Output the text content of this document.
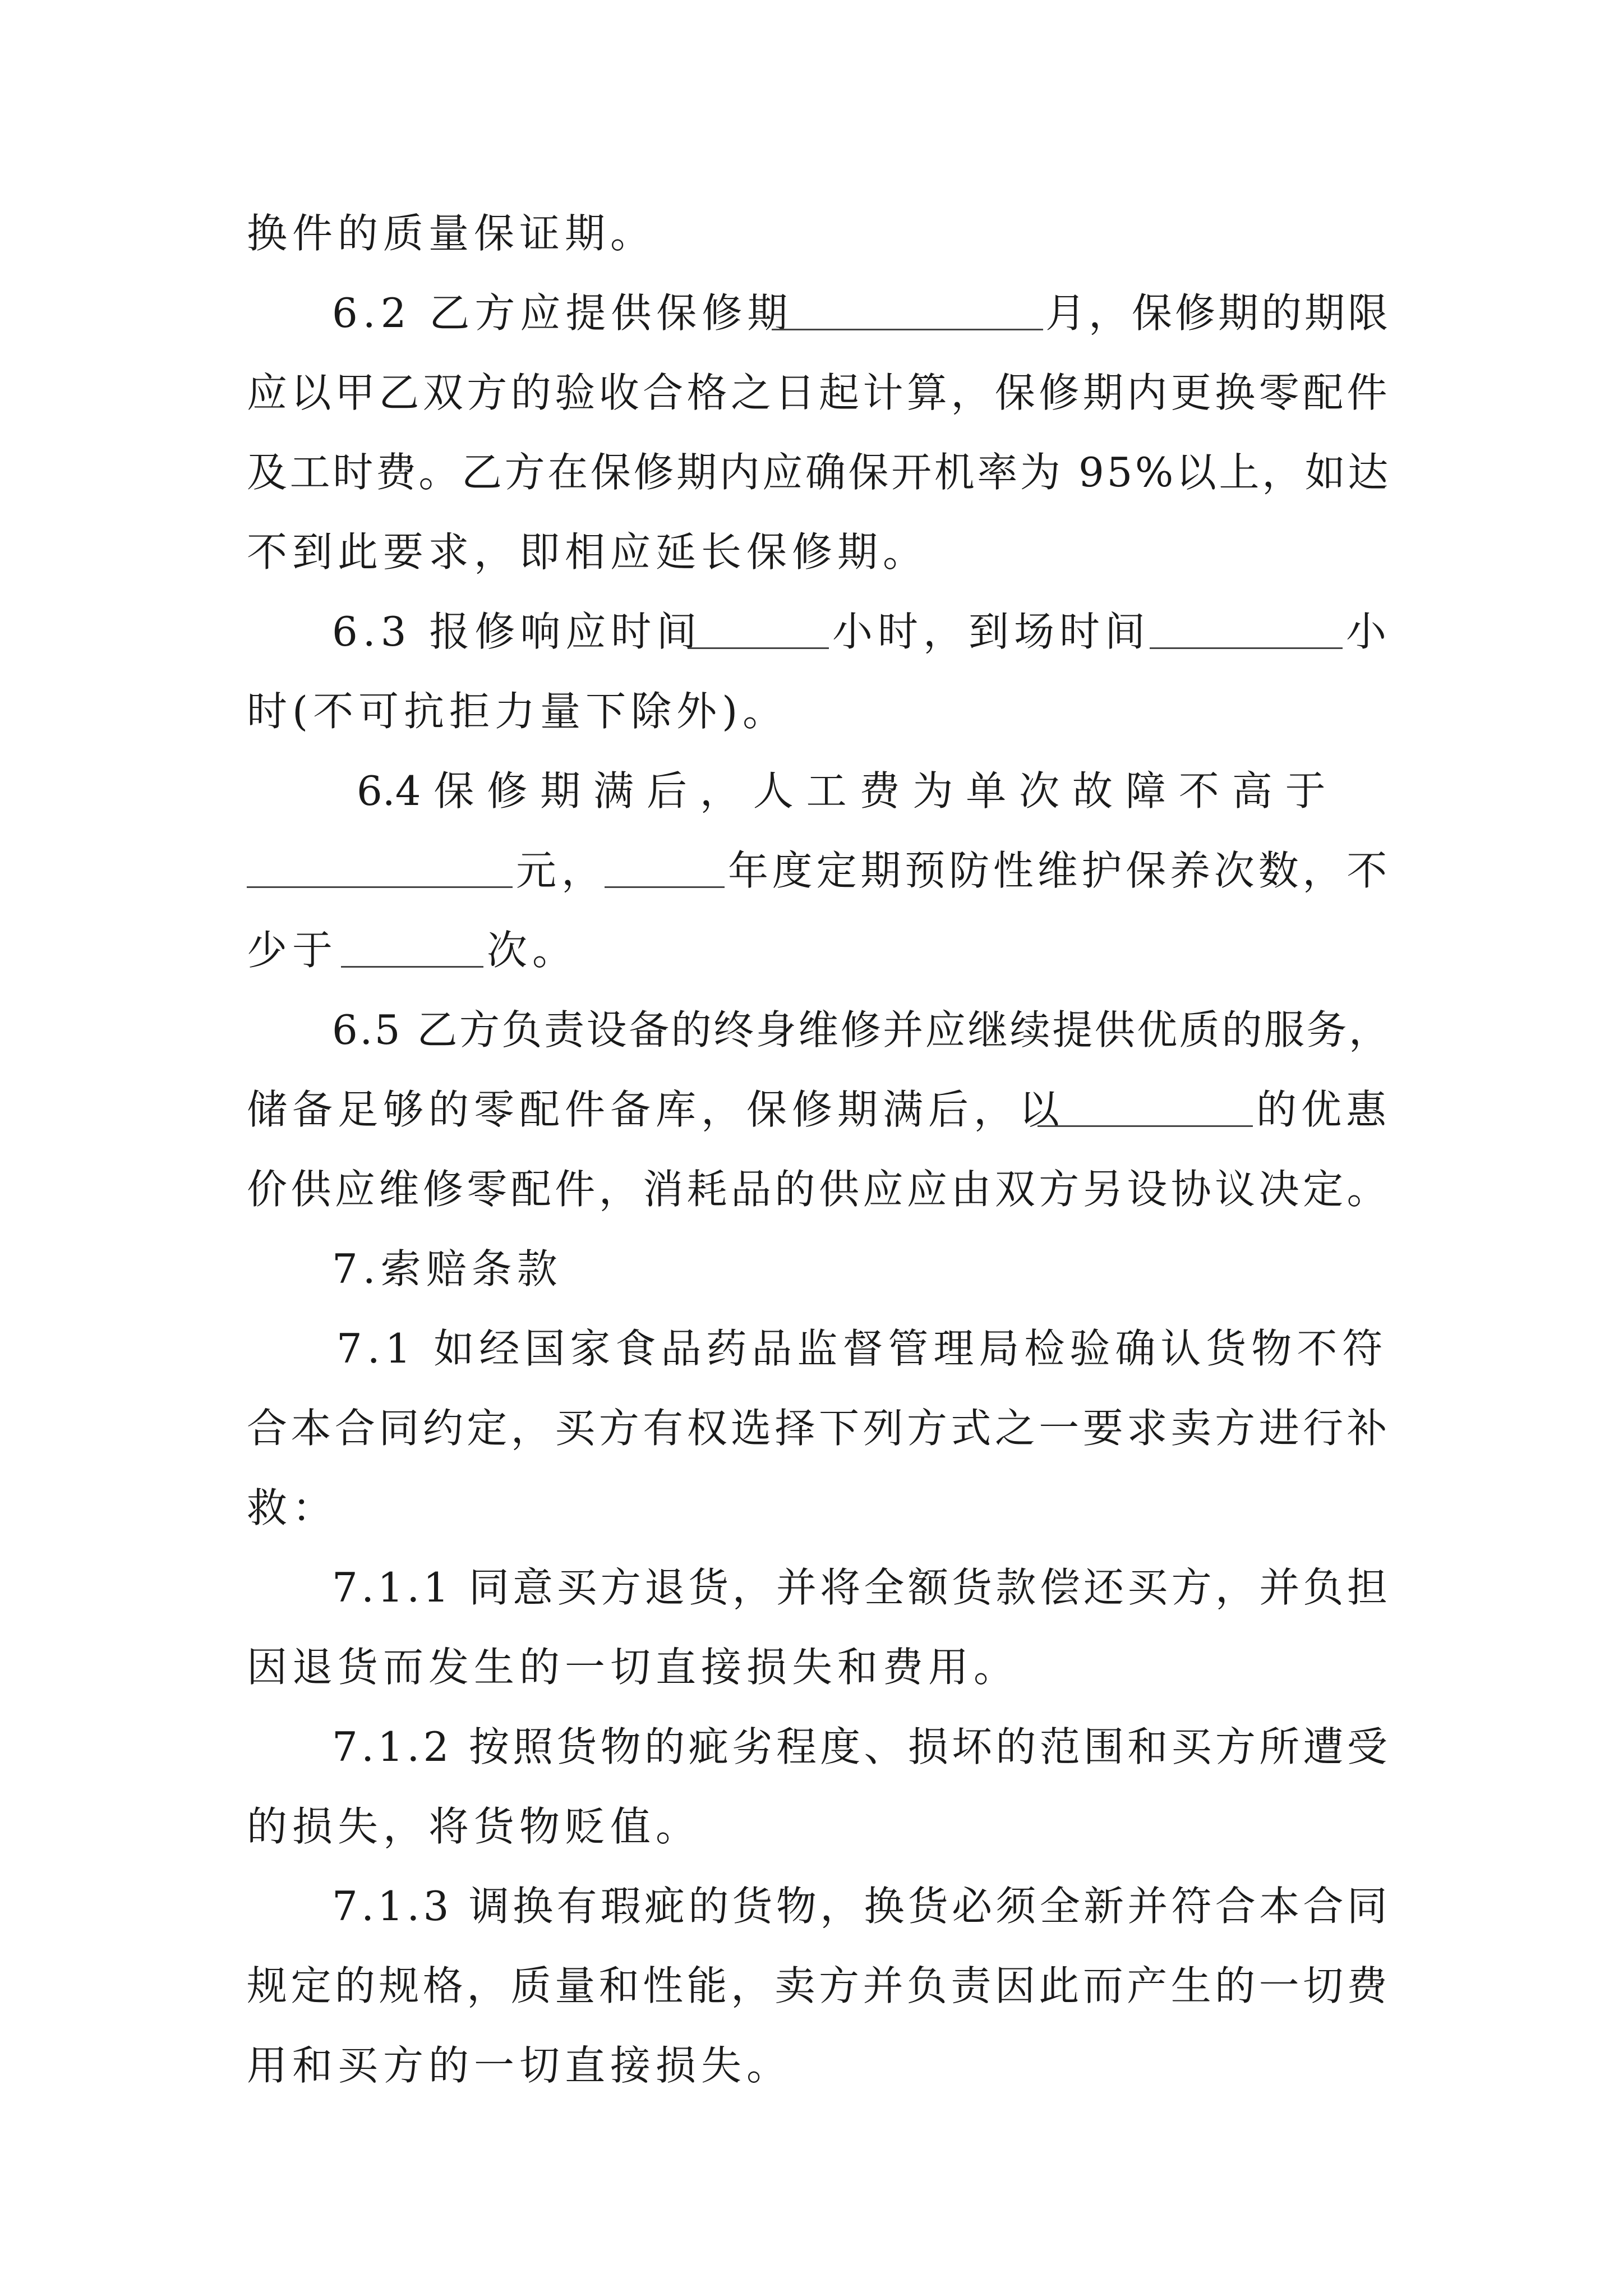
换件的质量保证期。
6.2 乙方应提供保修期	月，保修期的期限
应以甲乙双方的验收合格之日起计算，保修期内更换零配件
及工时费。乙方在保修期内应确保开机率为 95%以上，如达
不到此要求，即相应延长保修期。
6.3 报修响应时间	小时，到场时间	小
时(不可抗拒力量下除外)。
6.4 保 修 期 满 后 ， 人 工 费 为 单 次 故 障 不 高 于
元，	年度定期预防性维护保养次数，不
少于	次。
6.5 乙方负责设备的终身维修并应继续提供优质的服务，
储备足够的零配件备库，保修期满后，以	的优惠
价供应维修零配件，消耗品的供应应由双方另设协议决定。
7.索赔条款
7.1 如经国家食品药品监督管理局检验确认货物不符
合本合同约定，买方有权选择下列方式之一要求卖方进行补
救：
7.1.1 同意买方退货，并将全额货款偿还买方，并负担
因退货而发生的一切直接损失和费用。
7.1.2 按照货物的疵劣程度、损坏的范围和买方所遭受
的损失，将货物贬值。
7.1.3 调换有瑕疵的货物，换货必须全新并符合本合同
规定的规格，质量和性能，卖方并负责因此而产生的一切费
用和买方的一切直接损失。
